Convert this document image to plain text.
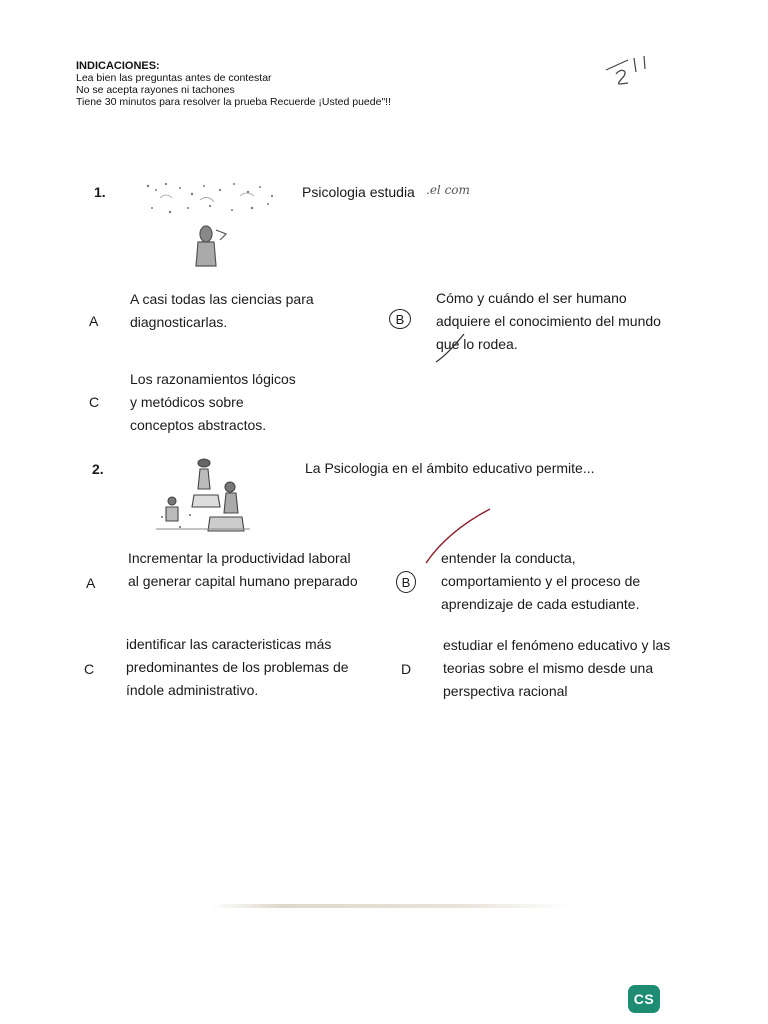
INDICACIONES:
Lea bien las preguntas antes de contestar
No se acepta rayones ni tachones
Tiene 30 minutos para resolver la prueba Recuerde ¡Usted puede"!!
1.	Psicologia estudia .el com
A
A casi todas las ciencias para
diagnosticarlas.	B
Cómo y cuándo el ser humano
adquiere el conocimiento del mundo
que lo rodea.
C
Los razonamientos lógicos
y metódicos sobre
conceptos abstractos.
2.	La Psicologia en el ámbito educativo permite...
A
Incrementar la productividad laboral
al generar capital humano preparado	B
entender la conducta,
comportamiento y el proceso de
aprendizaje de cada estudiante.
C
identificar las caracteristicas más
predominantes de los problemas de
índole administrativo.
D
estudiar el fenómeno educativo y las
teorias sobre el mismo desde una
perspectiva racional
CS
